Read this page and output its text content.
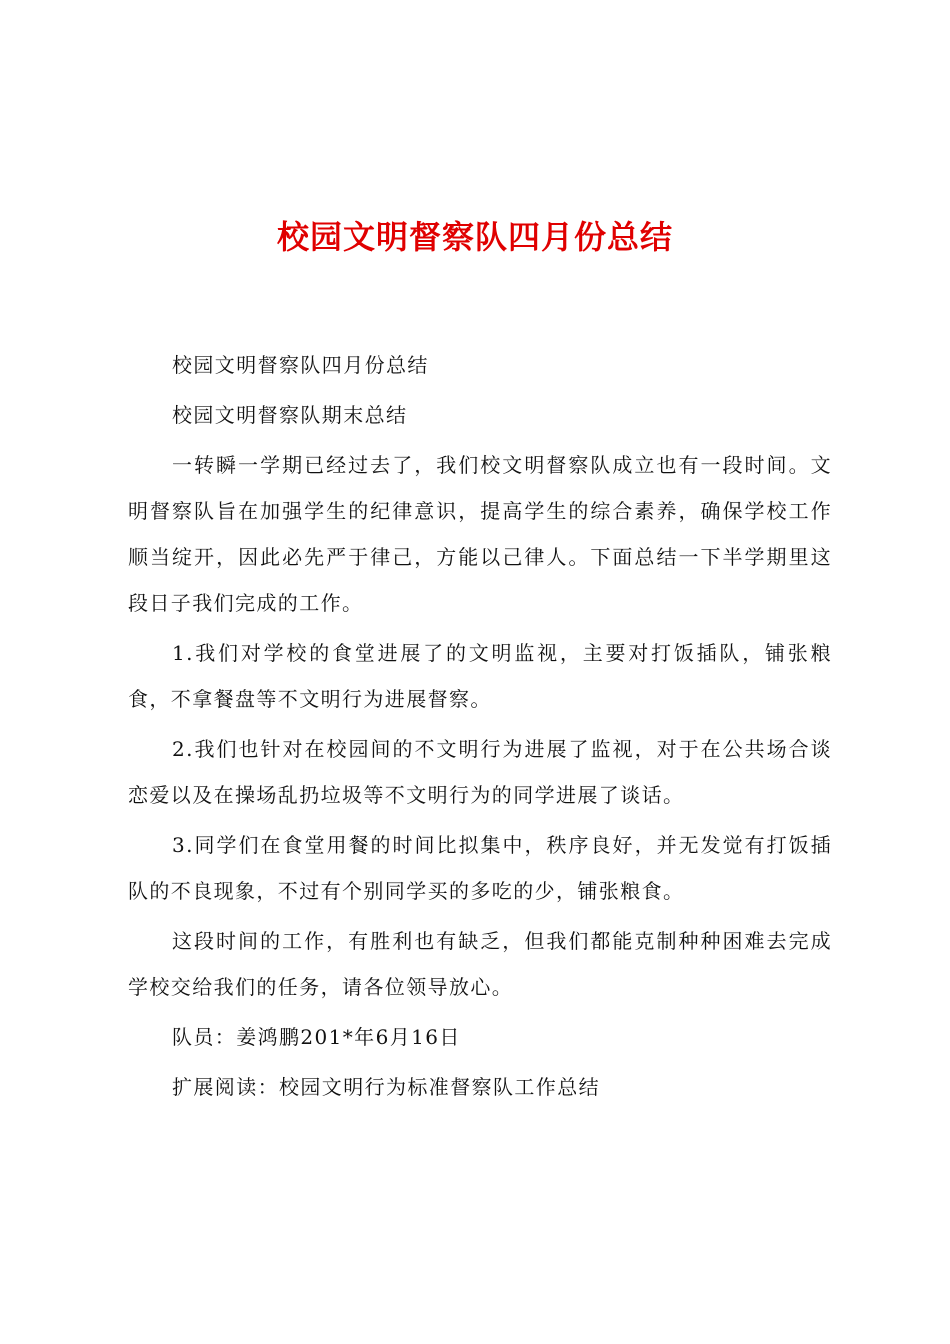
校园文明督察队四月份总结

校园文明督察队四月份总结

校园文明督察队期末总结

一转瞬一学期已经过去了，我们校文明督察队成立也有一段时间。文明督察队旨在加强学生的纪律意识，提高学生的综合素养，确保学校工作顺当绽开，因此必先严于律己，方能以己律人。下面总结一下半学期里这段日子我们完成的工作。

1.我们对学校的食堂进展了的文明监视，主要对打饭插队，铺张粮食，不拿餐盘等不文明行为进展督察。

2.我们也针对在校园间的不文明行为进展了监视，对于在公共场合谈恋爱以及在操场乱扔垃圾等不文明行为的同学进展了谈话。

3.同学们在食堂用餐的时间比拟集中，秩序良好，并无发觉有打饭插队的不良现象，不过有个别同学买的多吃的少，铺张粮食。

这段时间的工作，有胜利也有缺乏，但我们都能克制种种困难去完成学校交给我们的任务，请各位领导放心。

队员：姜鸿鹏201*年6月16日

扩展阅读：校园文明行为标准督察队工作总结
